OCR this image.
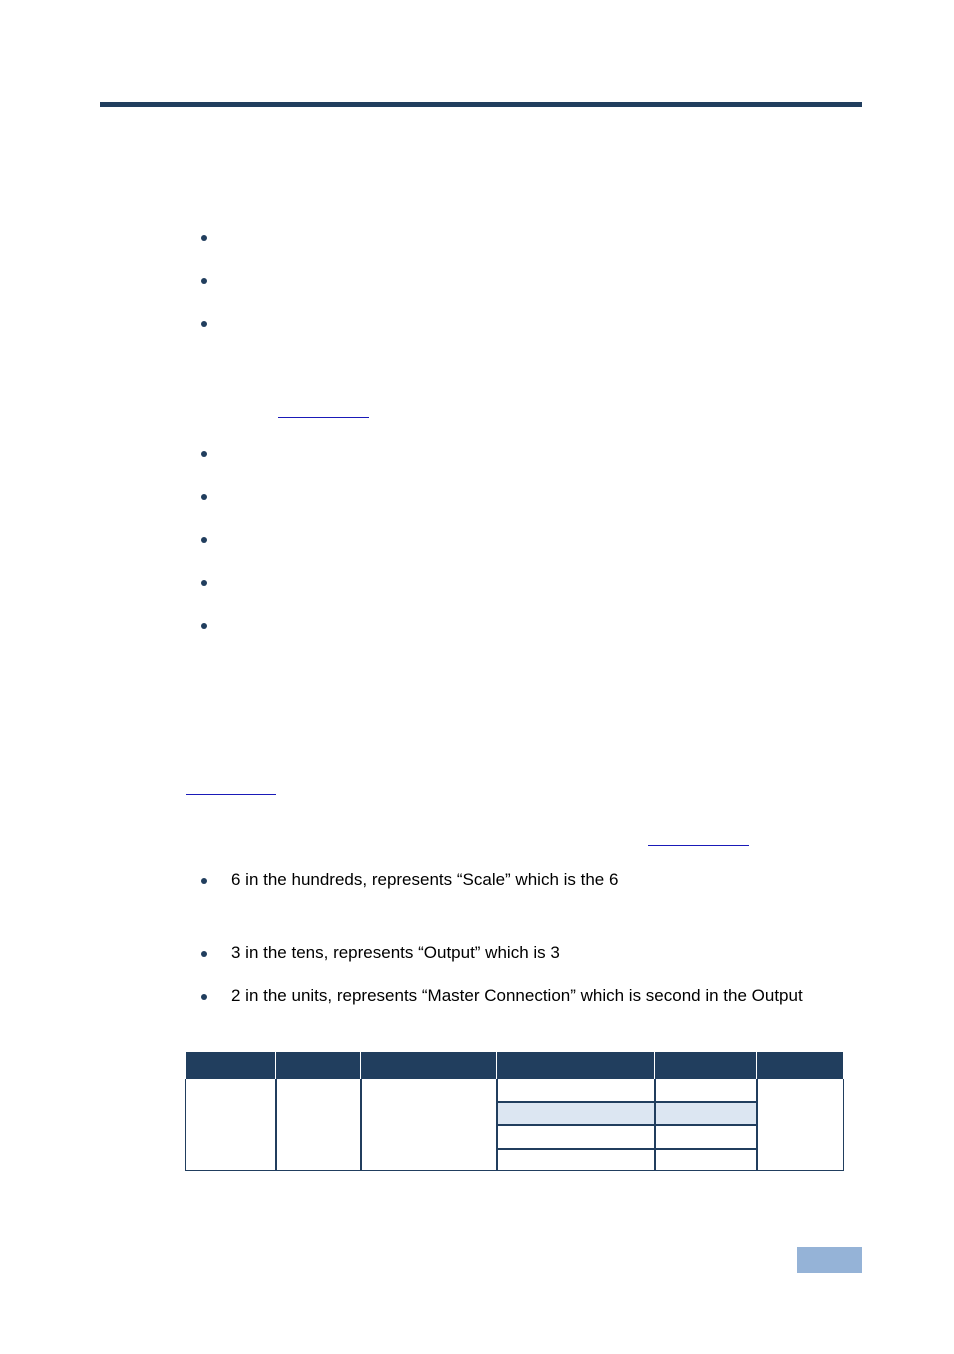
6 in the hundreds, represents “Scale” which is the 6
3 in the tens, represents “Output” which is 3
2 in the units, represents “Master Connection” which is second in the Output
